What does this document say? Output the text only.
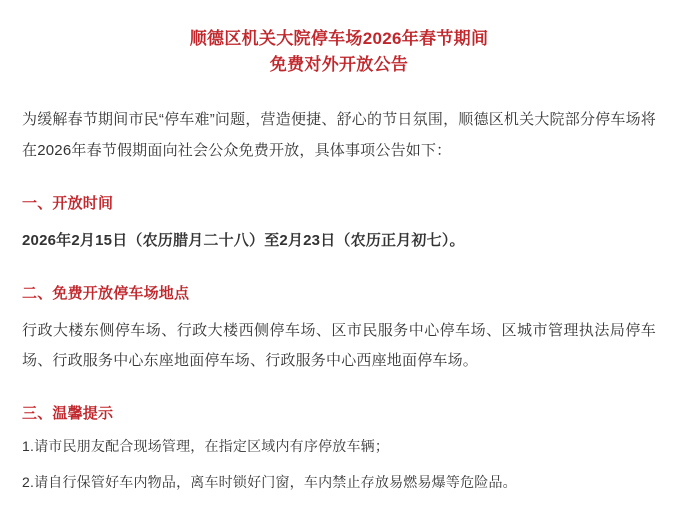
顺德区机关大院停车场2026年春节期间
免费对外开放公告

为缓解春节期间市民“停车难”问题，营造便捷、舒心的节日氛围，顺德区机关大院部分停车场将在2026年春节假期面向社会公众免费开放，具体事项公告如下：

一、开放时间
2026年2月15日（农历腊月二十八）至2月23日（农历正月初七）。
二、免费开放停车场地点
行政大楼东侧停车场、行政大楼西侧停车场、区市民服务中心停车场、区城市管理执法局停车场、行政服务中心东座地面停车场、行政服务中心西座地面停车场。
三、温馨提示
1.请市民朋友配合现场管理，在指定区域内有序停放车辆；
2.请自行保管好车内物品，离车时锁好门窗，车内禁止存放易燃易爆等危险品。
